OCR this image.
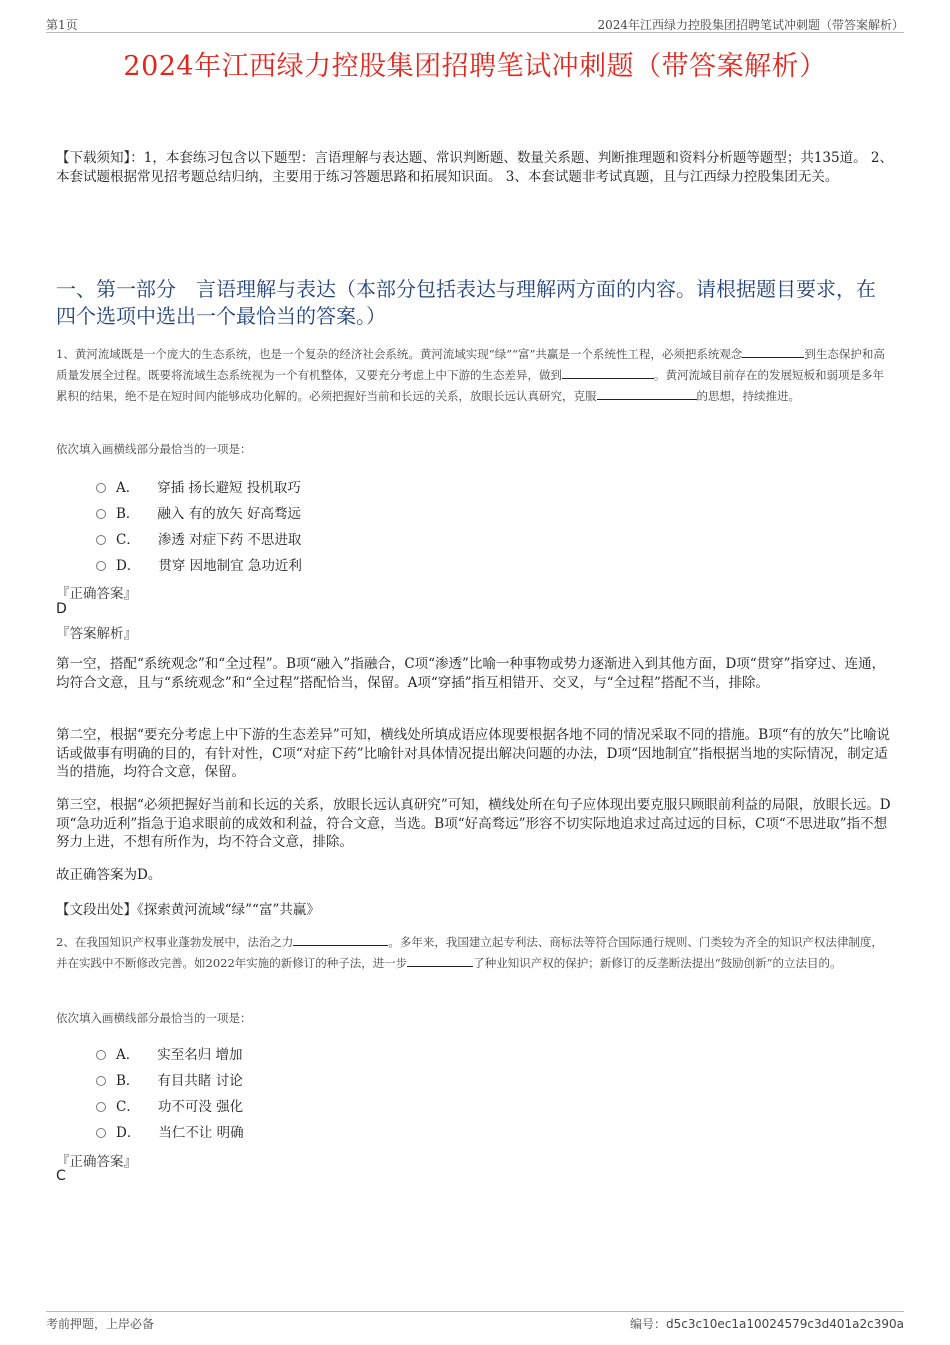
第1页	2024年江西绿力控股集团招聘笔试冲刺题（带答案解析）
2024年江西绿力控股集团招聘笔试冲刺题（带答案解析）
【下载须知】：1，本套练习包含以下题型：言语理解与表达题、常识判断题、数量关系题、判断推理题和资料分析题等题型；共135道。 2、本套试题根据常见招考题总结归纳，主要用于练习答题思路和拓展知识面。 3、本套试题非考试真题，且与江西绿力控股集团无关。
一、第一部分　言语理解与表达（本部分包括表达与理解两方面的内容。请根据题目要求，在四个选项中选出一个最恰当的答案。）
1、黄河流域既是一个庞大的生态系统，也是一个复杂的经济社会系统。黄河流域实现“绿”“富”共赢是一个系统性工程，必须把系统观念	到生态保护和高质量发展全过程。既要将流域生态系统视为一个有机整体，又要充分考虑上中下游的生态差异，做到	。黄河流域目前存在的发展短板和弱项是多年累积的结果，绝不是在短时间内能够成功化解的。必须把握好当前和长远的关系，放眼长远认真研究，克服	的思想，持续推进。
依次填入画横线部分最恰当的一项是：
A． 穿插 扬长避短 投机取巧
B． 融入 有的放矢 好高骛远
C． 渗透 对症下药 不思进取
D． 贯穿 因地制宜 急功近利
『正确答案』
D
『答案解析』
第一空，搭配“系统观念”和“全过程”。B项“融入”指融合，C项“渗透”比喻一种事物或势力逐渐进入到其他方面，D项“贯穿”指穿过、连通，均符合文意，且与“系统观念”和“全过程”搭配恰当，保留。A项“穿插”指互相错开、交叉，与“全过程”搭配不当，排除。
第二空，根据“要充分考虑上中下游的生态差异”可知，横线处所填成语应体现要根据各地不同的情况采取不同的措施。B项“有的放矢”比喻说话或做事有明确的目的，有针对性，C项“对症下药”比喻针对具体情况提出解决问题的办法，D项“因地制宜”指根据当地的实际情况，制定适当的措施，均符合文意，保留。
第三空，根据“必须把握好当前和长远的关系，放眼长远认真研究”可知，横线处所在句子应体现出要克服只顾眼前利益的局限，放眼长远。D项“急功近利”指急于追求眼前的成效和利益，符合文意，当选。B项“好高骛远”形容不切实际地追求过高过远的目标，C项“不思进取”指不想努力上进，不想有所作为，均不符合文意，排除。
故正确答案为D。
【文段出处】《探索黄河流域“绿”“富”共赢》
2、在我国知识产权事业蓬勃发展中，法治之力	。多年来，我国建立起专利法、商标法等符合国际通行规则、门类较为齐全的知识产权法律制度，并在实践中不断修改完善。如2022年实施的新修订的种子法，进一步	了种业知识产权的保护；新修订的反垄断法提出“鼓励创新”的立法目的。
依次填入画横线部分最恰当的一项是：
A． 实至名归 增加
B． 有目共睹 讨论
C． 功不可没 强化
D． 当仁不让 明确
『正确答案』
C
考前押题，上岸必备	编号：d5c3c10ec1a10024579c3d401a2c390a
